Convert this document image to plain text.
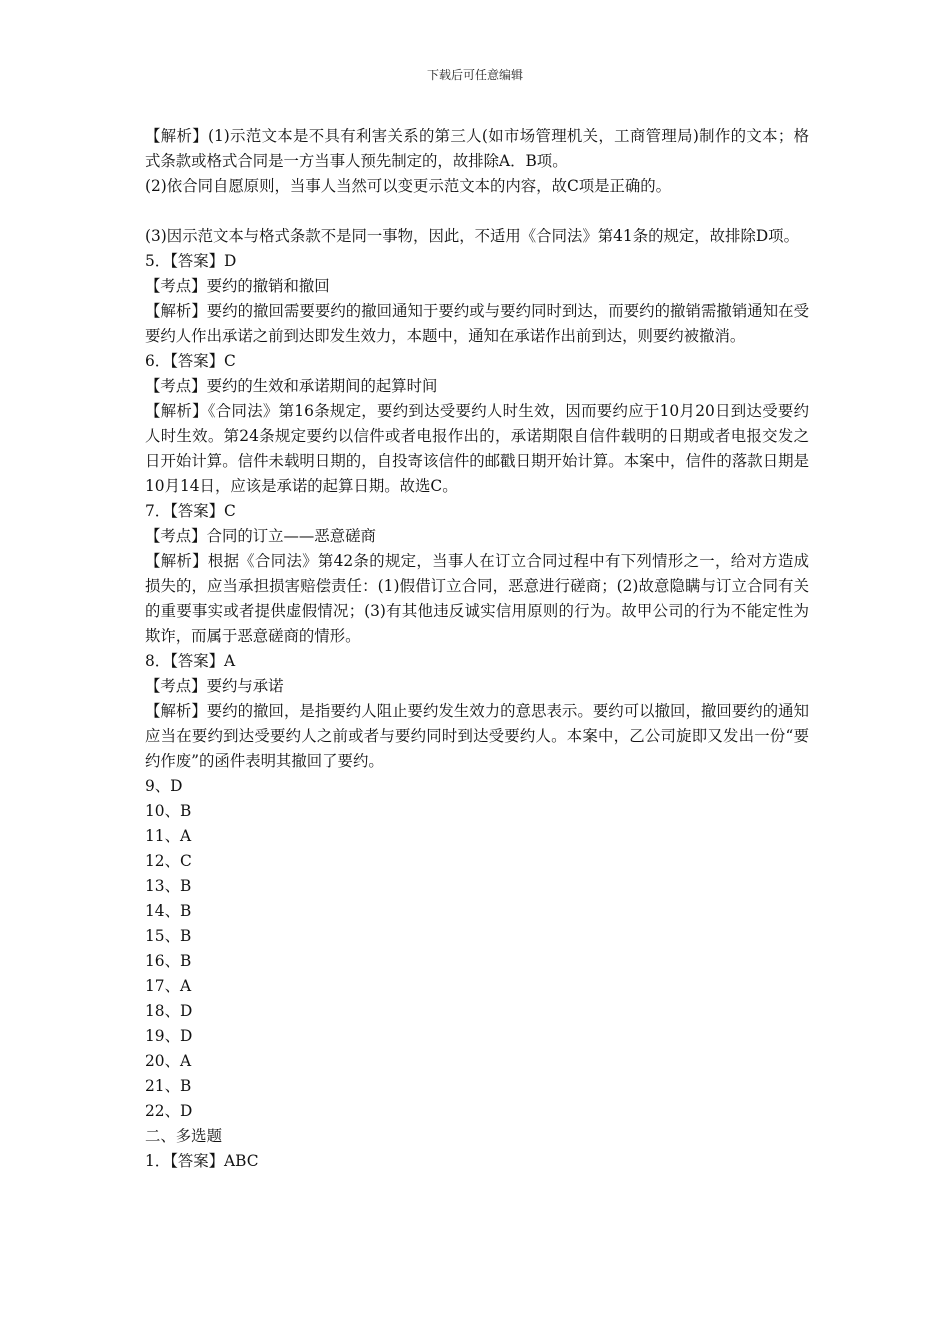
下载后可任意编辑

【解析】(1)示范文本是不具有利害关系的第三人(如市场管理机关，工商管理局)制作的文本；格式条款或格式合同是一方当事人预先制定的，故排除A．B项。

(2)依合同自愿原则，当事人当然可以变更示范文本的内容，故C项是正确的。

(3)因示范文本与格式条款不是同一事物，因此，不适用《合同法》第41条的规定，故排除D项。

5．【答案】D

【考点】要约的撤销和撤回

【解析】要约的撤回需要要约的撤回通知于要约或与要约同时到达，而要约的撤销需撤销通知在受要约人作出承诺之前到达即发生效力，本题中，通知在承诺作出前到达，则要约被撤消。

6．【答案】C

【考点】要约的生效和承诺期间的起算时间

【解析】《合同法》第16条规定，要约到达受要约人时生效，因而要约应于10月20日到达受要约人时生效。第24条规定要约以信件或者电报作出的，承诺期限自信件载明的日期或者电报交发之日开始计算。信件未载明日期的，自投寄该信件的邮戳日期开始计算。本案中，信件的落款日期是10月14日，应该是承诺的起算日期。故选C。

7．【答案】C

【考点】合同的订立——恶意磋商

【解析】根据《合同法》第42条的规定，当事人在订立合同过程中有下列情形之一，给对方造成损失的，应当承担损害赔偿责任：(1)假借订立合同，恶意进行磋商；(2)故意隐瞒与订立合同有关的重要事实或者提供虚假情况；(3)有其他违反诚实信用原则的行为。故甲公司的行为不能定性为欺诈，而属于恶意磋商的情形。

8．【答案】A

【考点】要约与承诺

【解析】要约的撤回，是指要约人阻止要约发生效力的意思表示。要约可以撤回，撤回要约的通知应当在要约到达受要约人之前或者与要约同时到达受要约人。本案中，乙公司旋即又发出一份“要约作废”的函件表明其撤回了要约。

9、D

10、B

11、A

12、C

13、B

14、B

15、B

16、B

17、A

18、D

19、D

20、A

21、B

22、D

二、多选题

1．【答案】ABC
